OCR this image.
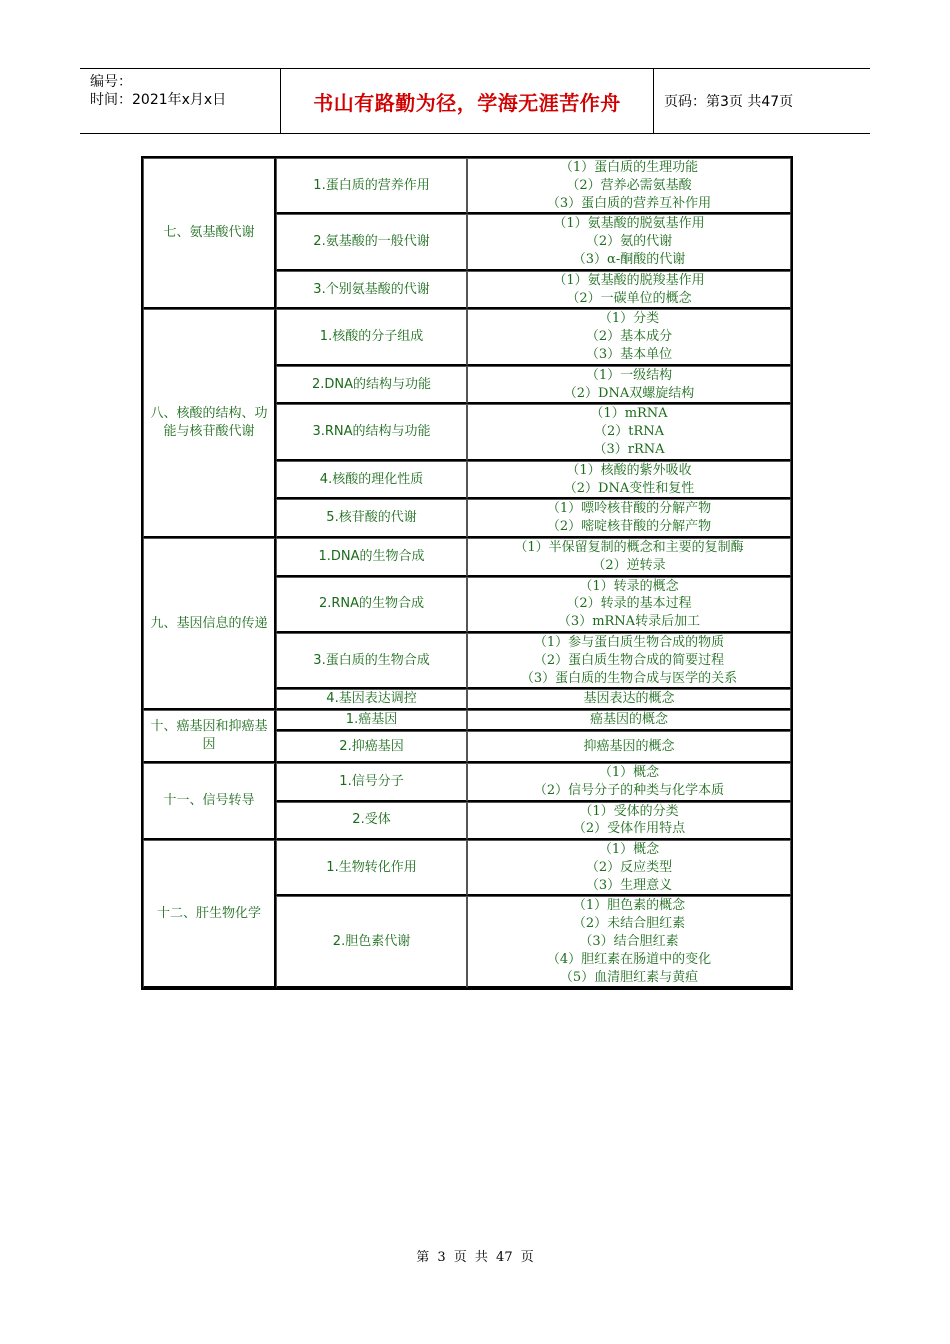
编号：
时间：2021年x月x日	书山有路勤为径，学海无涯苦作舟	页码：第3页 共47页
七、氨基酸代谢	1.蛋白质的营养作用	（1）蛋白质的生理功能
（2）营养必需氨基酸
（3）蛋白质的营养互补作用

	2.氨基酸的一般代谢	（1）氨基酸的脱氨基作用
（2）氨的代谢
（3）α-酮酸的代谢

	3.个别氨基酸的代谢	（1）氨基酸的脱羧基作用
（2）一碳单位的概念

八、核酸的结构、功能与核苷酸代谢	1.核酸的分子组成	（1）分类
（2）基本成分
（3）基本单位

	2.DNA的结构与功能	（1）一级结构
（2）DNA双螺旋结构

	3.RNA的结构与功能	（1）mRNA
（2）tRNA
（3）rRNA

	4.核酸的理化性质	（1）核酸的紫外吸收
（2）DNA变性和复性

	5.核苷酸的代谢	（1）嘌呤核苷酸的分解产物
（2）嘧啶核苷酸的分解产物

九、基因信息的传递	1.DNA的生物合成	（1）半保留复制的概念和主要的复制酶
（2）逆转录

	2.RNA的生物合成	（1）转录的概念
（2）转录的基本过程
（3）mRNA转录后加工

	3.蛋白质的生物合成	（1）参与蛋白质生物合成的物质
（2）蛋白质生物合成的简要过程
（3）蛋白质的生物合成与医学的关系

	4.基因表达调控	基因表达的概念

十、癌基因和抑癌基因	1.癌基因	癌基因的概念

	2.抑癌基因	抑癌基因的概念

十一、信号转导	1.信号分子	（1）概念
（2）信号分子的种类与化学本质

	2.受体	（1）受体的分类
（2）受体作用特点

十二、肝生物化学	1.生物转化作用	（1）概念
（2）反应类型
（3）生理意义

	2.胆色素代谢	（1）胆色素的概念
（2）未结合胆红素
（3）结合胆红素
（4）胆红素在肠道中的变化
（5）血清胆红素与黄疸
第 3 页 共 47 页
